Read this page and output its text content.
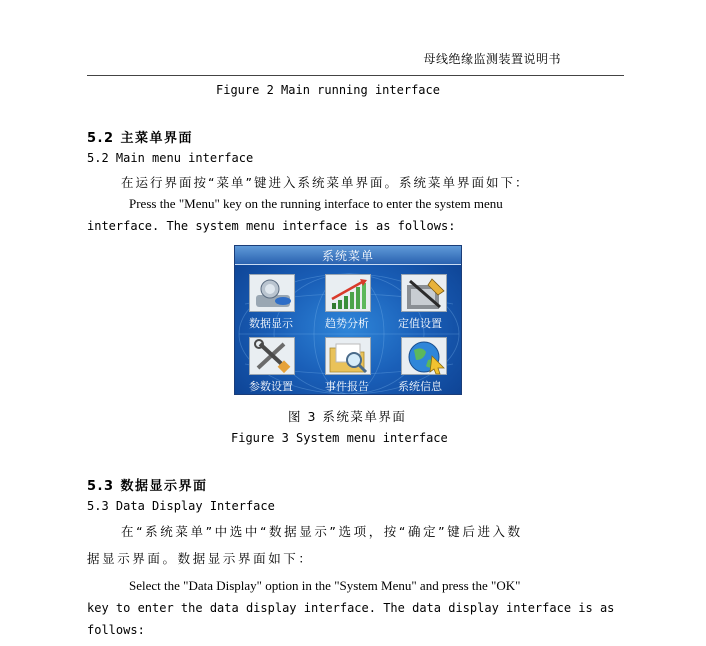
母线绝缘监测装置说明书
Figure 2 Main running interface
5.2 主菜单界面
5.2 Main menu interface
在运行界面按“菜单”键进入系统菜单界面。系统菜单界面如下：
Press the "Menu" key on the running interface to enter the system menu
interface. The system menu interface is as follows:
系统菜单
数据显示	趋势分析	定值设置
参数设置	事件报告	系统信息
图 3 系统菜单界面
Figure 3 System menu interface
5.3 数据显示界面
5.3 Data Display Interface
在“系统菜单”中选中“数据显示”选项，按“确定”键后进入数
据显示界面。数据显示界面如下：
Select the "Data Display" option in the "System Menu" and press the "OK"
key to enter the data display interface. The data display interface is as
follows:
